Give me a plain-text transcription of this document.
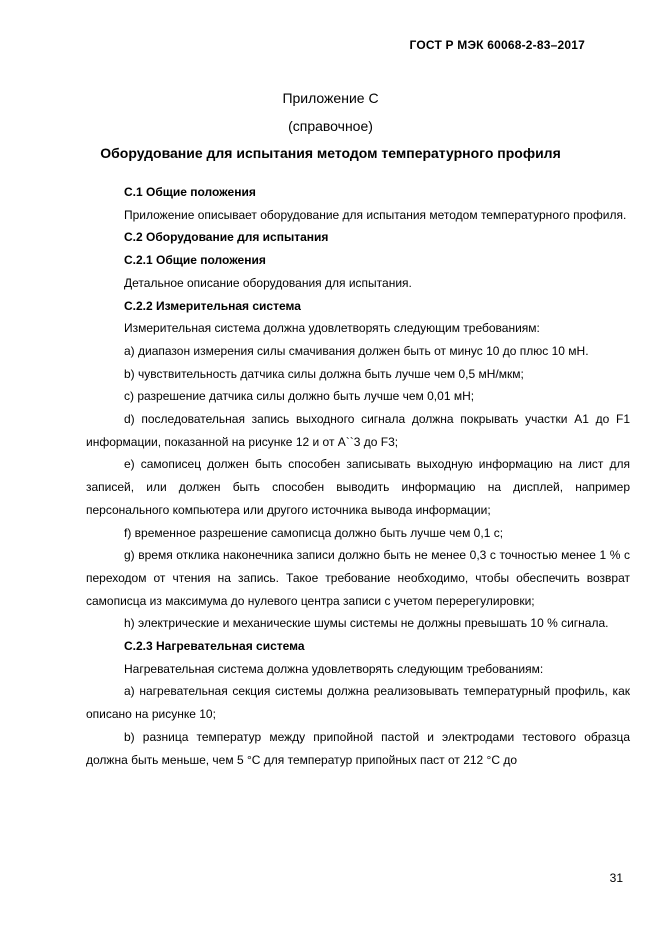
ГОСТ Р МЭК 60068-2-83–2017
Приложение С
(справочное)
Оборудование для испытания методом температурного профиля

С.1 Общие положения

Приложение описывает оборудование для испытания методом температурного профиля.

С.2 Оборудование для испытания

С.2.1 Общие положения

Детальное описание оборудования для испытания.

С.2.2 Измерительная система

Измерительная система должна удовлетворять следующим требованиям:

a) диапазон измерения силы смачивания должен быть от минус 10 до плюс 10 мН.

b) чувствительность датчика силы должна быть лучше чем 0,5 мН/мкм;

c) разрешение датчика силы должно быть лучше чем 0,01 мН;

d) последовательная запись выходного сигнала должна покрывать участки A1 до F1 информации, показанной на рисунке 12 и от A``3 до F3;

e) самописец должен быть способен записывать выходную информацию на лист для записей, или должен быть способен выводить информацию на дисплей, например персонального компьютера или другого источника вывода информации;

f) временное разрешение самописца должно быть лучше чем 0,1 с;

g) время отклика наконечника записи должно быть не менее 0,3 с точностью менее 1 % с переходом от чтения на запись. Такое требование необходимо, чтобы обеспечить возврат самописца из максимума до нулевого центра записи с учетом перерегулировки;

h) электрические и механические шумы системы не должны превышать 10 % сигнала.

С.2.3 Нагревательная система

Нагревательная система должна удовлетворять следующим требованиям:

a) нагревательная секция системы должна реализовывать температурный профиль, как описано на рисунке 10;

b) разница температур между припойной пастой и электродами тестового образца должна быть меньше, чем 5 °С для температур припойных паст от 212 °С до

31
